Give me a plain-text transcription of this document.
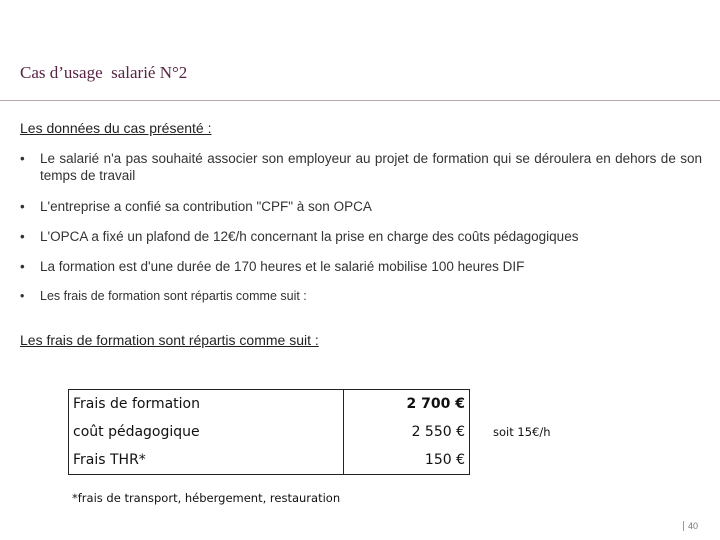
Cas d’usage  salarié N°2
Les données du cas présenté :
• Le salarié n'a pas souhaité associer son employeur au projet de formation qui se déroulera en dehors de son temps de travail
• L'entreprise a confié sa contribution "CPF" à son OPCA
• L'OPCA a fixé un plafond de 12€/h concernant la prise en charge des coûts pédagogiques
• La formation est d'une durée de 170 heures et le salarié mobilise 100 heures DIF
• Les frais de formation sont répartis comme suit :
Les frais de formation sont répartis comme suit :
Frais de formation	2 700 €
coût pédagogique	2 550 €
Frais THR*	150 €
soit 15€/h
*frais de transport, hébergement, restauration
40
